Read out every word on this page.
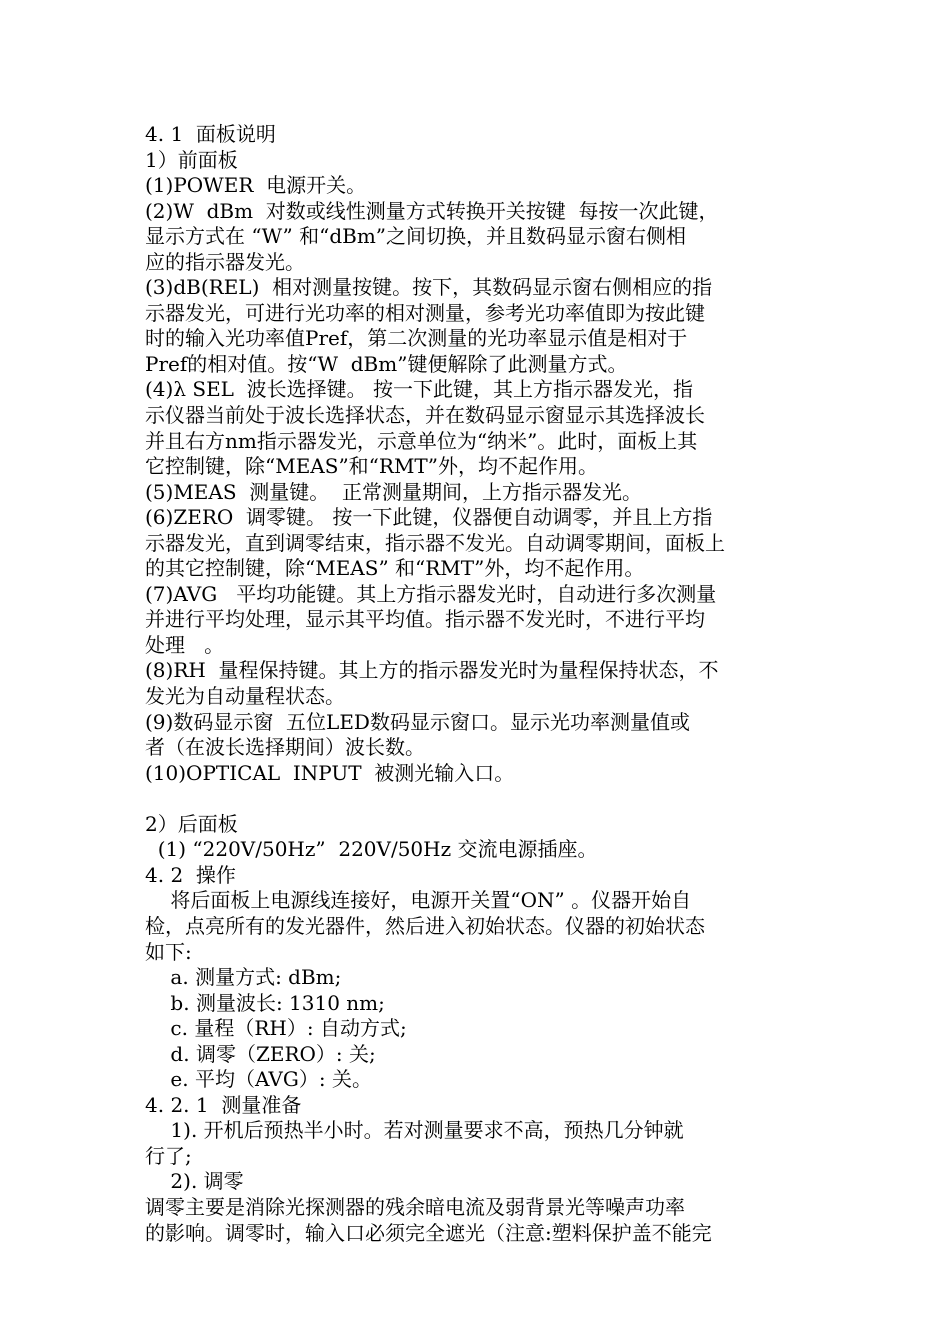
4. 1  面板说明
1）前面板
(1)POWER  电源开关。
(2)W  dBm  对数或线性测量方式转换开关按键  每按一次此键，
显示方式在 “W” 和“dBm”之间切换，并且数码显示窗右侧相
应的指示器发光。
(3)dB(REL)  相对测量按键。按下，其数码显示窗右侧相应的指
示器发光，可进行光功率的相对测量，参考光功率值即为按此键
时的输入光功率值Pref，第二次测量的光功率显示值是相对于
Pref的相对值。按“W  dBm”键便解除了此测量方式。
(4)λ SEL  波长选择键。 按一下此键，其上方指示器发光，指
示仪器当前处于波长选择状态，并在数码显示窗显示其选择波长
并且右方nm指示器发光，示意单位为“纳米”。此时，面板上其
它控制键，除“MEAS”和“RMT”外，均不起作用。
(5)MEAS  测量键。  正常测量期间，上方指示器发光。
(6)ZERO  调零键。 按一下此键，仪器便自动调零，并且上方指
示器发光，直到调零结束，指示器不发光。自动调零期间，面板上
的其它控制键，除“MEAS” 和“RMT”外，均不起作用。
(7)AVG   平均功能键。其上方指示器发光时，自动进行多次测量
并进行平均处理，显示其平均值。指示器不发光时，不进行平均
处理   。
(8)RH  量程保持键。其上方的指示器发光时为量程保持状态，不
发光为自动量程状态。
(9)数码显示窗  五位LED数码显示窗口。显示光功率测量值或
者（在波长选择期间）波长数。
(10)OPTICAL  INPUT  被测光输入口。
2）后面板
(1) “220V/50Hz”  220V/50Hz 交流电源插座。
4. 2  操作
将后面板上电源线连接好，电源开关置“ON” 。仪器开始自
检，点亮所有的发光器件，然后进入初始状态。仪器的初始状态
如下:
a. 测量方式: dBm;
b. 测量波长: 1310 nm;
c. 量程（RH）: 自动方式;
d. 调零（ZERO）: 关;
e. 平均（AVG）: 关。
4. 2. 1  测量准备
1). 开机后预热半小时。若对测量要求不高，预热几分钟就
行了;
2). 调零
调零主要是消除光探测器的残余暗电流及弱背景光等噪声功率
的影响。调零时，输入口必须完全遮光（注意:塑料保护盖不能完
